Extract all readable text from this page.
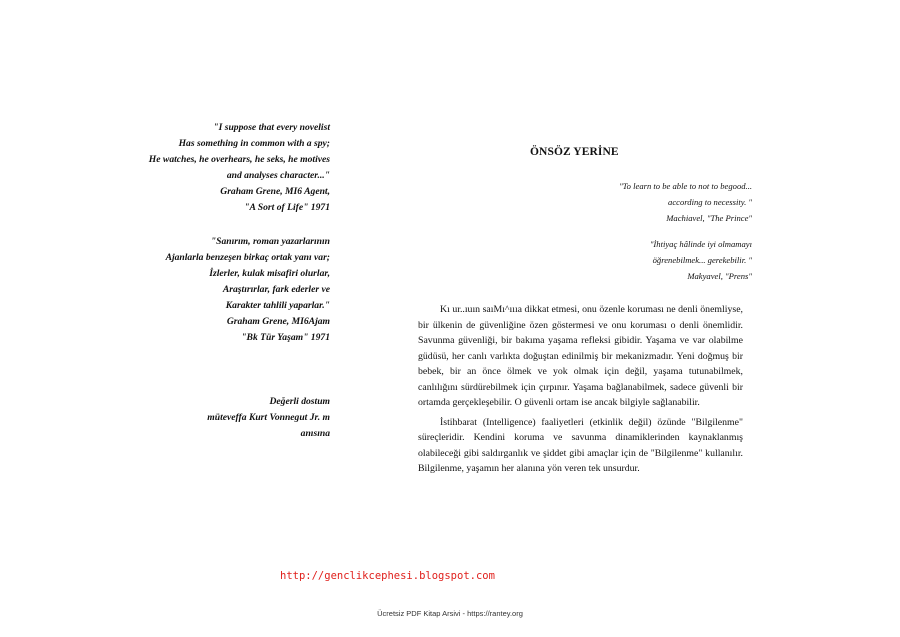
"I suppose that every novelist
Has something in common with a spy;
He watches, he overhears, he seks, he motives
and analyses character..."
Graham Grene, MI6 Agent,
"A Sort of Life" 1971
"Sanırım, roman yazarlarının
Ajanlarla benzeşen birkaç ortak yanı var;
İzlerler, kulak misafiri olurlar,
Araştırırlar, fark ederler ve
Karakter tahlili yaparlar."
Graham Grene, MI6Ajam
"Bk Tür Yaşam" 1971
Değerli dostum
müteveffa Kurt Vonnegut Jr. m
anısına
ÖNSÖZ YERİNE
"To learn to be able to not to begood...
according to necessity. "
Machiavel, "The Prince"
"İhtiyaç hâlinde iyi olmamayı
öğrenebilmek... gerekebilir. "
Makyavel, "Prens"

Kı ur..ıuın saıMı^ıııa dikkat etmesi, onu özenle koruması ne denli önemliyse, bir ülkenin de güvenliğine özen göstermesi ve onu koruması o denli önemlidir. Savunma güvenliği, bir bakıma yaşama refleksi gibidir. Yaşama ve var olabilme güdüsü, her canlı varlıkta doğuştan edinilmiş bir mekanizmadır. Yeni doğmuş bir bebek, bir an önce ölmek ve yok olmak için değil, yaşama tutunabilmek, canlılığını sürdürebilmek için çırpınır. Yaşama bağlanabilmek, sadece güvenli bir ortamda gerçekleşebilir. O güvenli ortam ise ancak bilgiyle sağlanabilir.

İstihbarat (Intelligence) faaliyetleri (etkinlik değil) özünde "Bilgilenme" süreçleridir. Kendini koruma ve savunma dinamiklerinden kaynaklanmış olabileceği gibi saldırganlık ve şiddet gibi amaçlar için de "Bilgilenme" kullanılır. Bilgilenme, yaşamın her alanına yön veren tek unsurdur.

http://genclikcephesi.blogspot.com
Ücretsiz PDF Kitap Arsivi - https://rantey.org
